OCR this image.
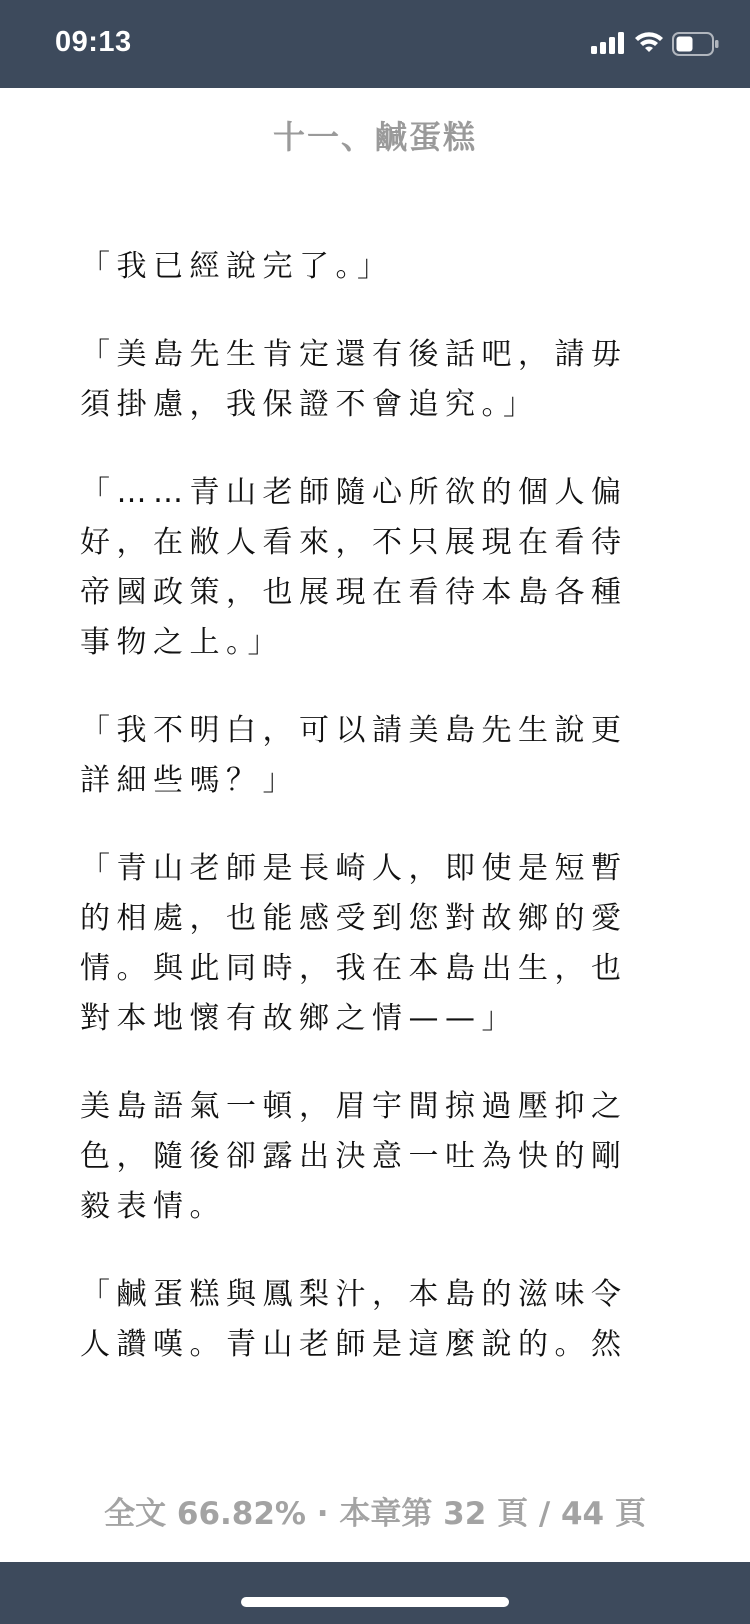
09:13
十一、鹹蛋糕

「我已經說完了。」

「美島先生肯定還有後話吧，請毋須掛慮，我保證不會追究。」

「……青山老師隨心所欲的個人偏好，在敝人看來，不只展現在看待帝國政策，也展現在看待本島各種事物之上。」

「我不明白，可以請美島先生說更詳細些嗎？」

「青山老師是長崎人，即使是短暫的相處，也能感受到您對故鄉的愛情。與此同時，我在本島出生，也對本地懷有故鄉之情——」

美島語氣一頓，眉宇間掠過壓抑之色，隨後卻露出決意一吐為快的剛毅表情。

「鹹蛋糕與鳳梨汁，本島的滋味令人讚嘆。青山老師是這麼說的。然

全文 66.82% · 本章第 32 頁 / 44 頁
